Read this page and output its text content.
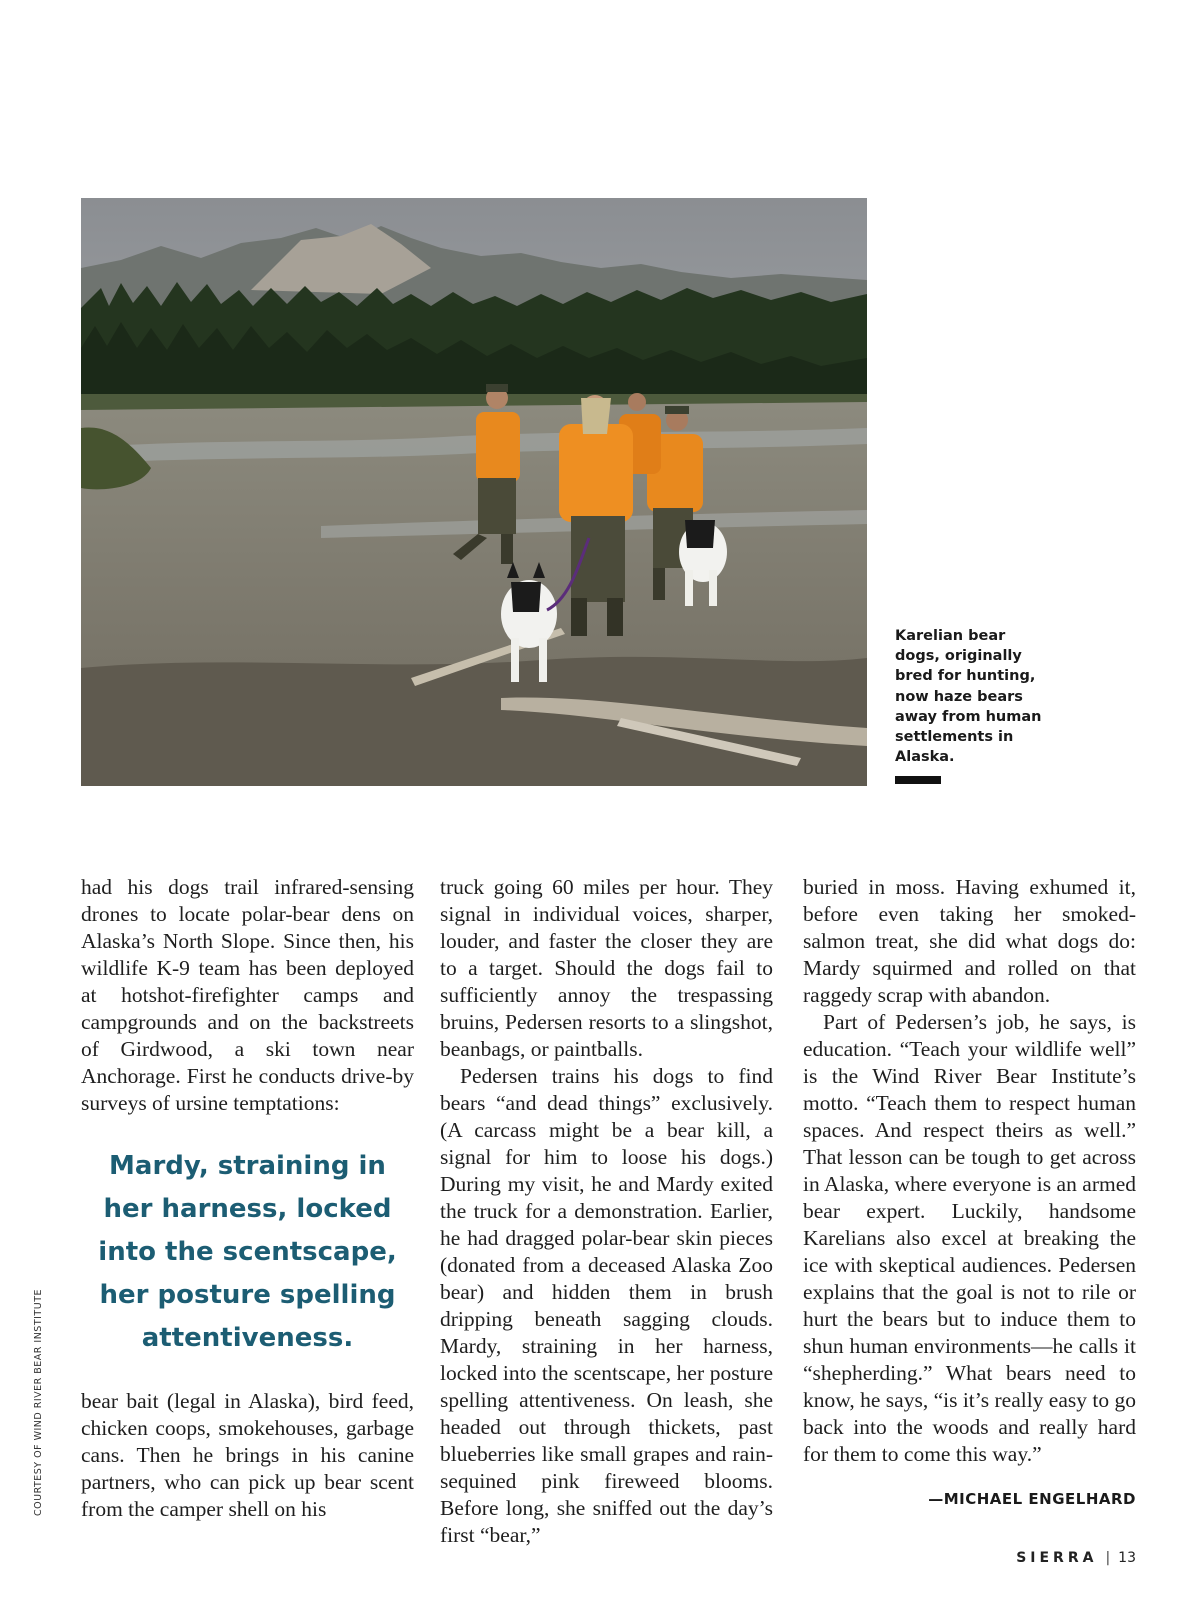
Karelian bear dogs, originally bred for hunting, now haze bears away from human settlements in Alaska.

COURTESY OF WIND RIVER BEAR INSTITUTE

had his dogs trail infrared-sensing drones to locate polar-bear dens on Alaska’s North Slope. Since then, his wildlife K-9 team has been deployed at hotshot-firefighter camps and campgrounds and on the backstreets of Girdwood, a ski town near Anchorage. First he conducts drive-by surveys of ursine temptations:

Mardy, straining in her harness, locked into the scentscape, her posture spelling attentiveness.

bear bait (legal in Alaska), bird feed, chicken coops, smokehouses, garbage cans. Then he brings in his canine partners, who can pick up bear scent from the camper shell on his

truck going 60 miles per hour. They signal in individual voices, sharper, louder, and faster the closer they are to a target. Should the dogs fail to sufficiently annoy the trespassing bruins, Pedersen resorts to a slingshot, beanbags, or paintballs.

Pedersen trains his dogs to find bears “and dead things” exclusively. (A carcass might be a bear kill, a signal for him to loose his dogs.) During my visit, he and Mardy exited the truck for a demonstration. Earlier, he had dragged polar-bear skin pieces (donated from a deceased Alaska Zoo bear) and hidden them in brush dripping beneath sagging clouds. Mardy, straining in her harness, locked into the scentscape, her posture spelling attentiveness. On leash, she headed out through thickets, past blueberries like small grapes and rain-sequined pink fireweed blooms. Before long, she sniffed out the day’s first “bear,”

buried in moss. Having exhumed it, before even taking her smoked-salmon treat, she did what dogs do: Mardy squirmed and rolled on that raggedy scrap with abandon.

Part of Pedersen’s job, he says, is education. “Teach your wildlife well” is the Wind River Bear Institute’s motto. “Teach them to respect human spaces. And respect theirs as well.” That lesson can be tough to get across in Alaska, where everyone is an armed bear expert. Luckily, handsome Karelians also excel at breaking the ice with skeptical audiences. Pedersen explains that the goal is not to rile or hurt the bears but to induce them to shun human environments—he calls it “shepherding.” What bears need to know, he says, “is it’s really easy to go back into the woods and really hard for them to come this way.”

—MICHAEL ENGELHARD
SIERRA | 13
